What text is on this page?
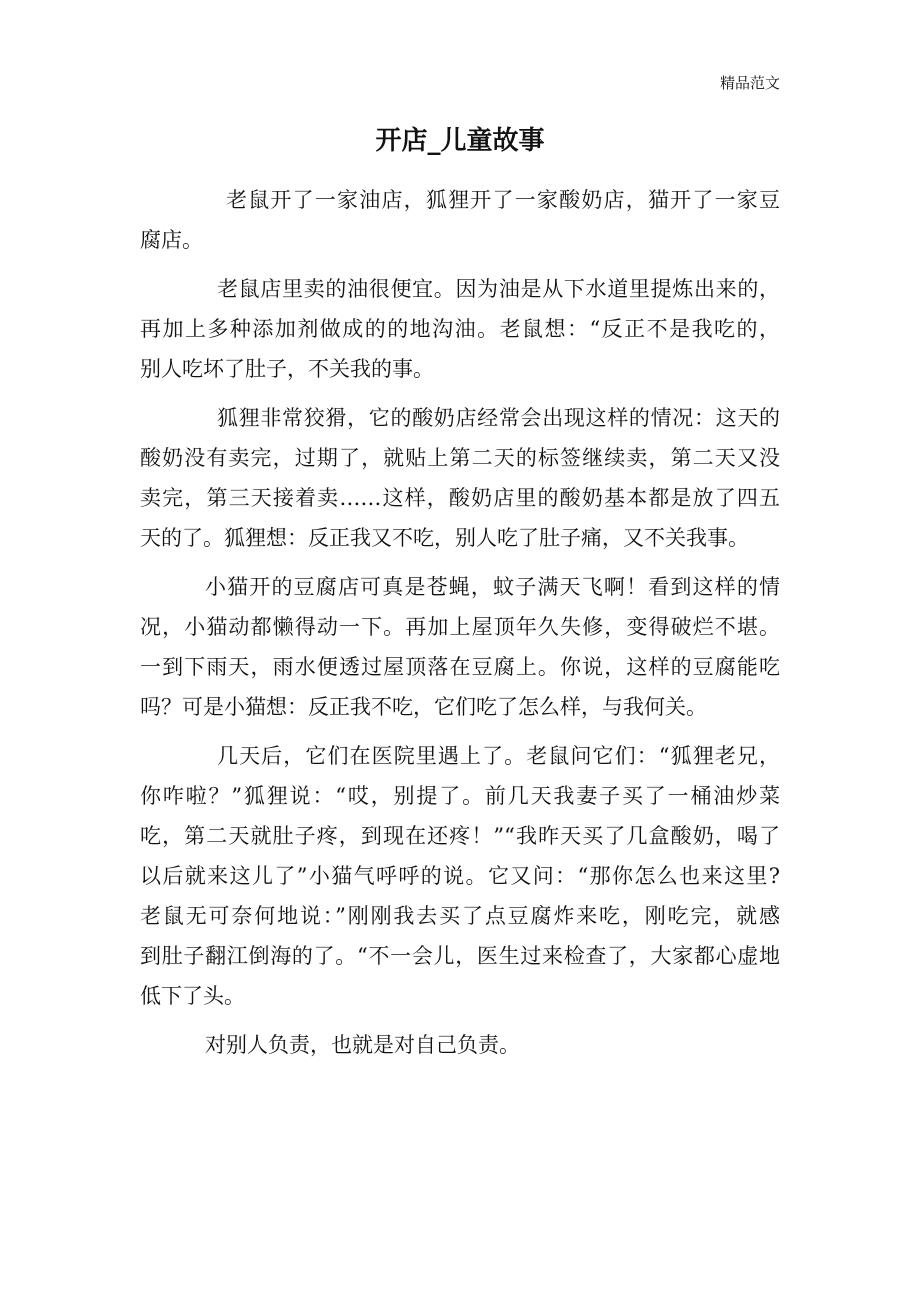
精品范文
开店_儿童故事
老鼠开了一家油店，狐狸开了一家酸奶店，猫开了一家豆
腐店。
老鼠店里卖的油很便宜。因为油是从下水道里提炼出来的，
再加上多种添加剂做成的的地沟油。老鼠想：“反正不是我吃的，
别人吃坏了肚子，不关我的事。
狐狸非常狡猾，它的酸奶店经常会出现这样的情况：这天的
酸奶没有卖完，过期了，就贴上第二天的标签继续卖，第二天又没
卖完，第三天接着卖……这样，酸奶店里的酸奶基本都是放了四五
天的了。狐狸想：反正我又不吃，别人吃了肚子痛，又不关我事。
小猫开的豆腐店可真是苍蝇，蚊子满天飞啊！看到这样的情
况，小猫动都懒得动一下。再加上屋顶年久失修，变得破烂不堪。
一到下雨天，雨水便透过屋顶落在豆腐上。你说，这样的豆腐能吃
吗？可是小猫想：反正我不吃，它们吃了怎么样，与我何关。
几天后，它们在医院里遇上了。老鼠问它们：“狐狸老兄，
你咋啦？”狐狸说：“哎，别提了。前几天我妻子买了一桶油炒菜
吃，第二天就肚子疼，到现在还疼！”“我昨天买了几盒酸奶，喝了
以后就来这儿了”小猫气呼呼的说。它又问：“那你怎么也来这里?
老鼠无可奈何地说：”刚刚我去买了点豆腐炸来吃，刚吃完，就感
到肚子翻江倒海的了。“不一会儿，医生过来检查了，大家都心虚地
低下了头。
对别人负责，也就是对自己负责。
